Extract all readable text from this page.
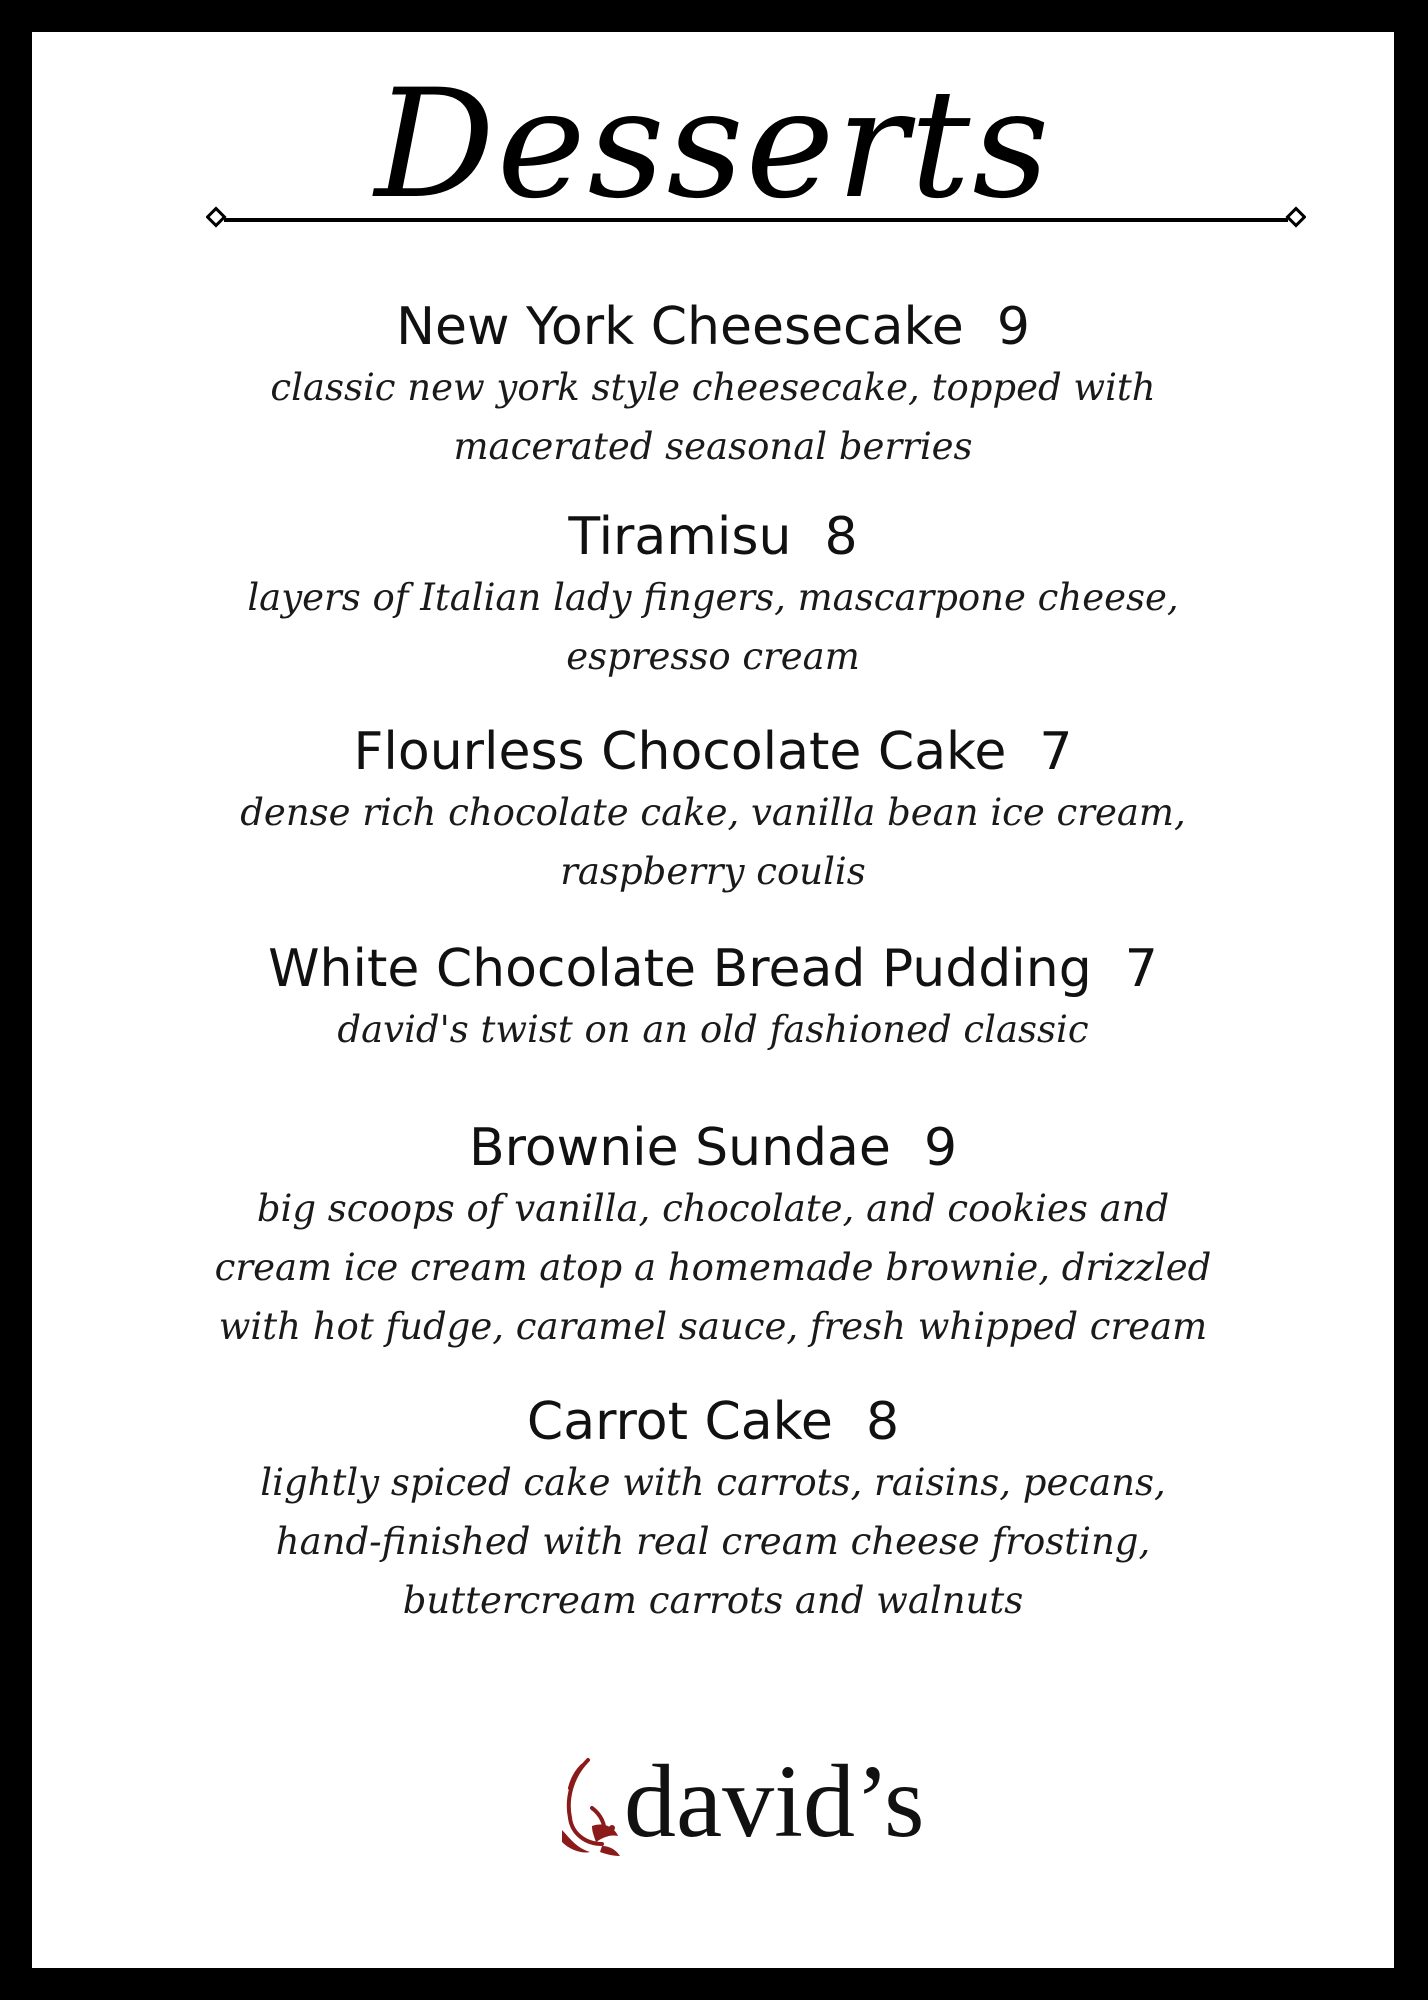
Desserts
New York Cheesecake 9
classic new york style cheesecake, topped with
macerated seasonal berries
Tiramisu 8
layers of Italian lady fingers, mascarpone cheese,
espresso cream
Flourless Chocolate Cake 7
dense rich chocolate cake, vanilla bean ice cream,
raspberry coulis
White Chocolate Bread Pudding 7
david's twist on an old fashioned classic
Brownie Sundae 9
big scoops of vanilla, chocolate, and cookies and
cream ice cream atop a homemade brownie, drizzled
with hot fudge, caramel sauce, fresh whipped cream
Carrot Cake 8
lightly spiced cake with carrots, raisins, pecans,
hand-finished with real cream cheese frosting,
buttercream carrots and walnuts
david’s
